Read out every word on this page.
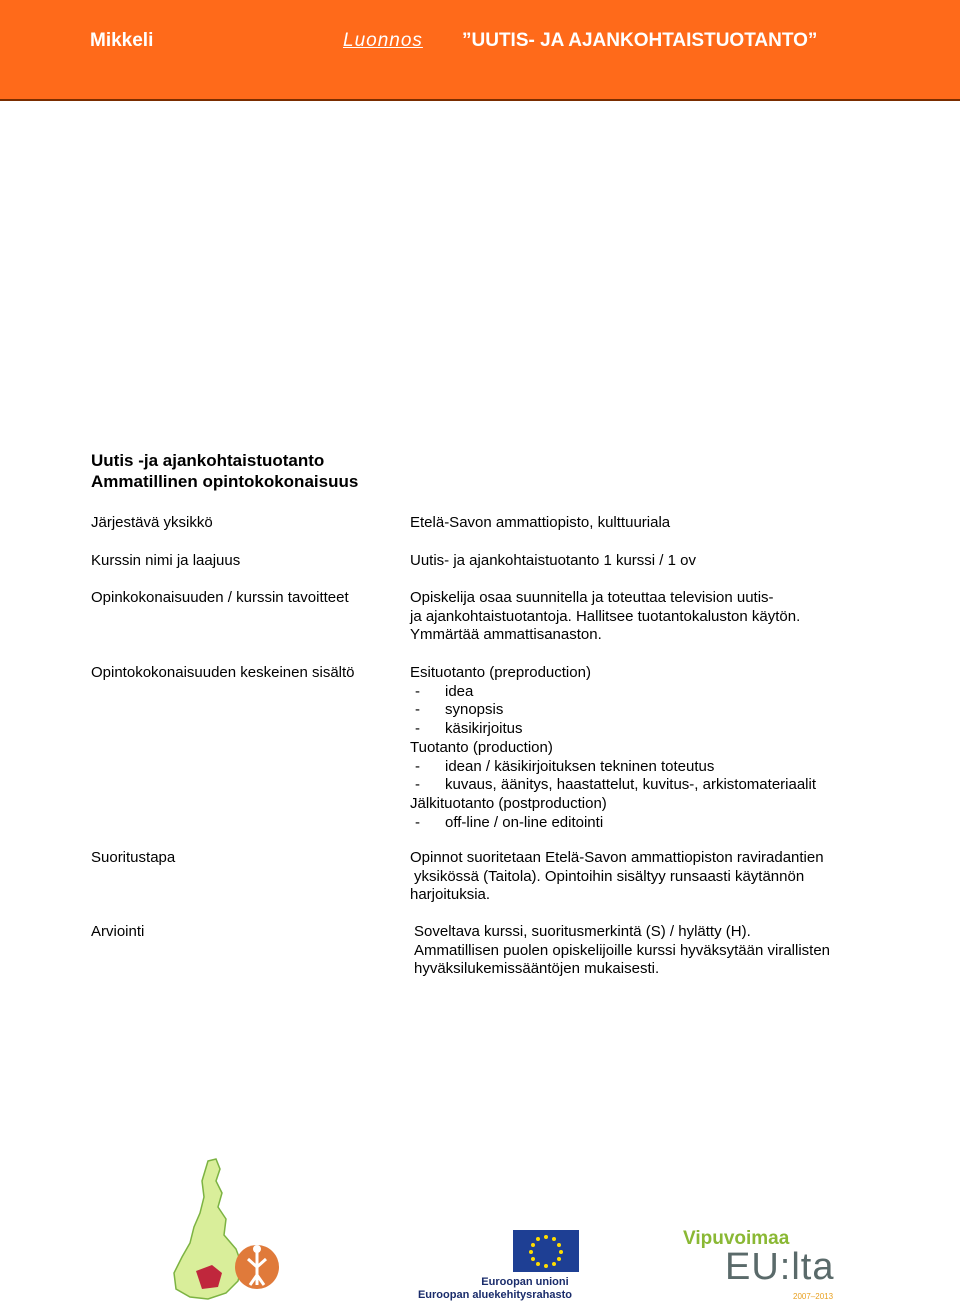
Mikkeli	Luonnos ”UUTIS- JA AJANKOHTAISTUOTANTO”
Uutis -ja ajankohtaistuotanto
Ammatillinen opintokokonaisuus
Järjestävä yksikkö	Etelä-Savon ammattiopisto, kulttuuriala
Kurssin nimi ja laajuus	Uutis- ja ajankohtaistuotanto 1 kurssi / 1 ov
Opinkokonaisuuden / kurssin tavoitteet	Opiskelija osaa suunnitella ja toteuttaa television uutis-
ja ajankohtaistuotantoja. Hallitsee tuotantokaluston käytön.
Ymmärtää ammattisanaston.
Opintokokonaisuuden keskeinen sisältö	Esituotanto (preproduction)
- idea
- synopsis
- käsikirjoitus
Tuotanto (production)
- idean / käsikirjoituksen tekninen toteutus
- kuvaus, äänitys, haastattelut, kuvitus-, arkistomateriaalit
Jälkituotanto (postproduction)
- off-line / on-line editointi
Suoritustapa	Opinnot suoritetaan Etelä-Savon ammattiopiston raviradantien
yksikössä (Taitola). Opintoihin sisältyy runsaasti käytännön
harjoituksia.
Arviointi	Soveltava kurssi, suoritusmerkintä (S) / hylätty (H).
Ammatillisen puolen opiskelijoille kurssi hyväksytään virallisten
hyväksilukemissääntöjen mukaisesti.
Euroopan unioni
Euroopan aluekehitysrahasto
Vipuvoimaa
EU:lta
2007–2013
